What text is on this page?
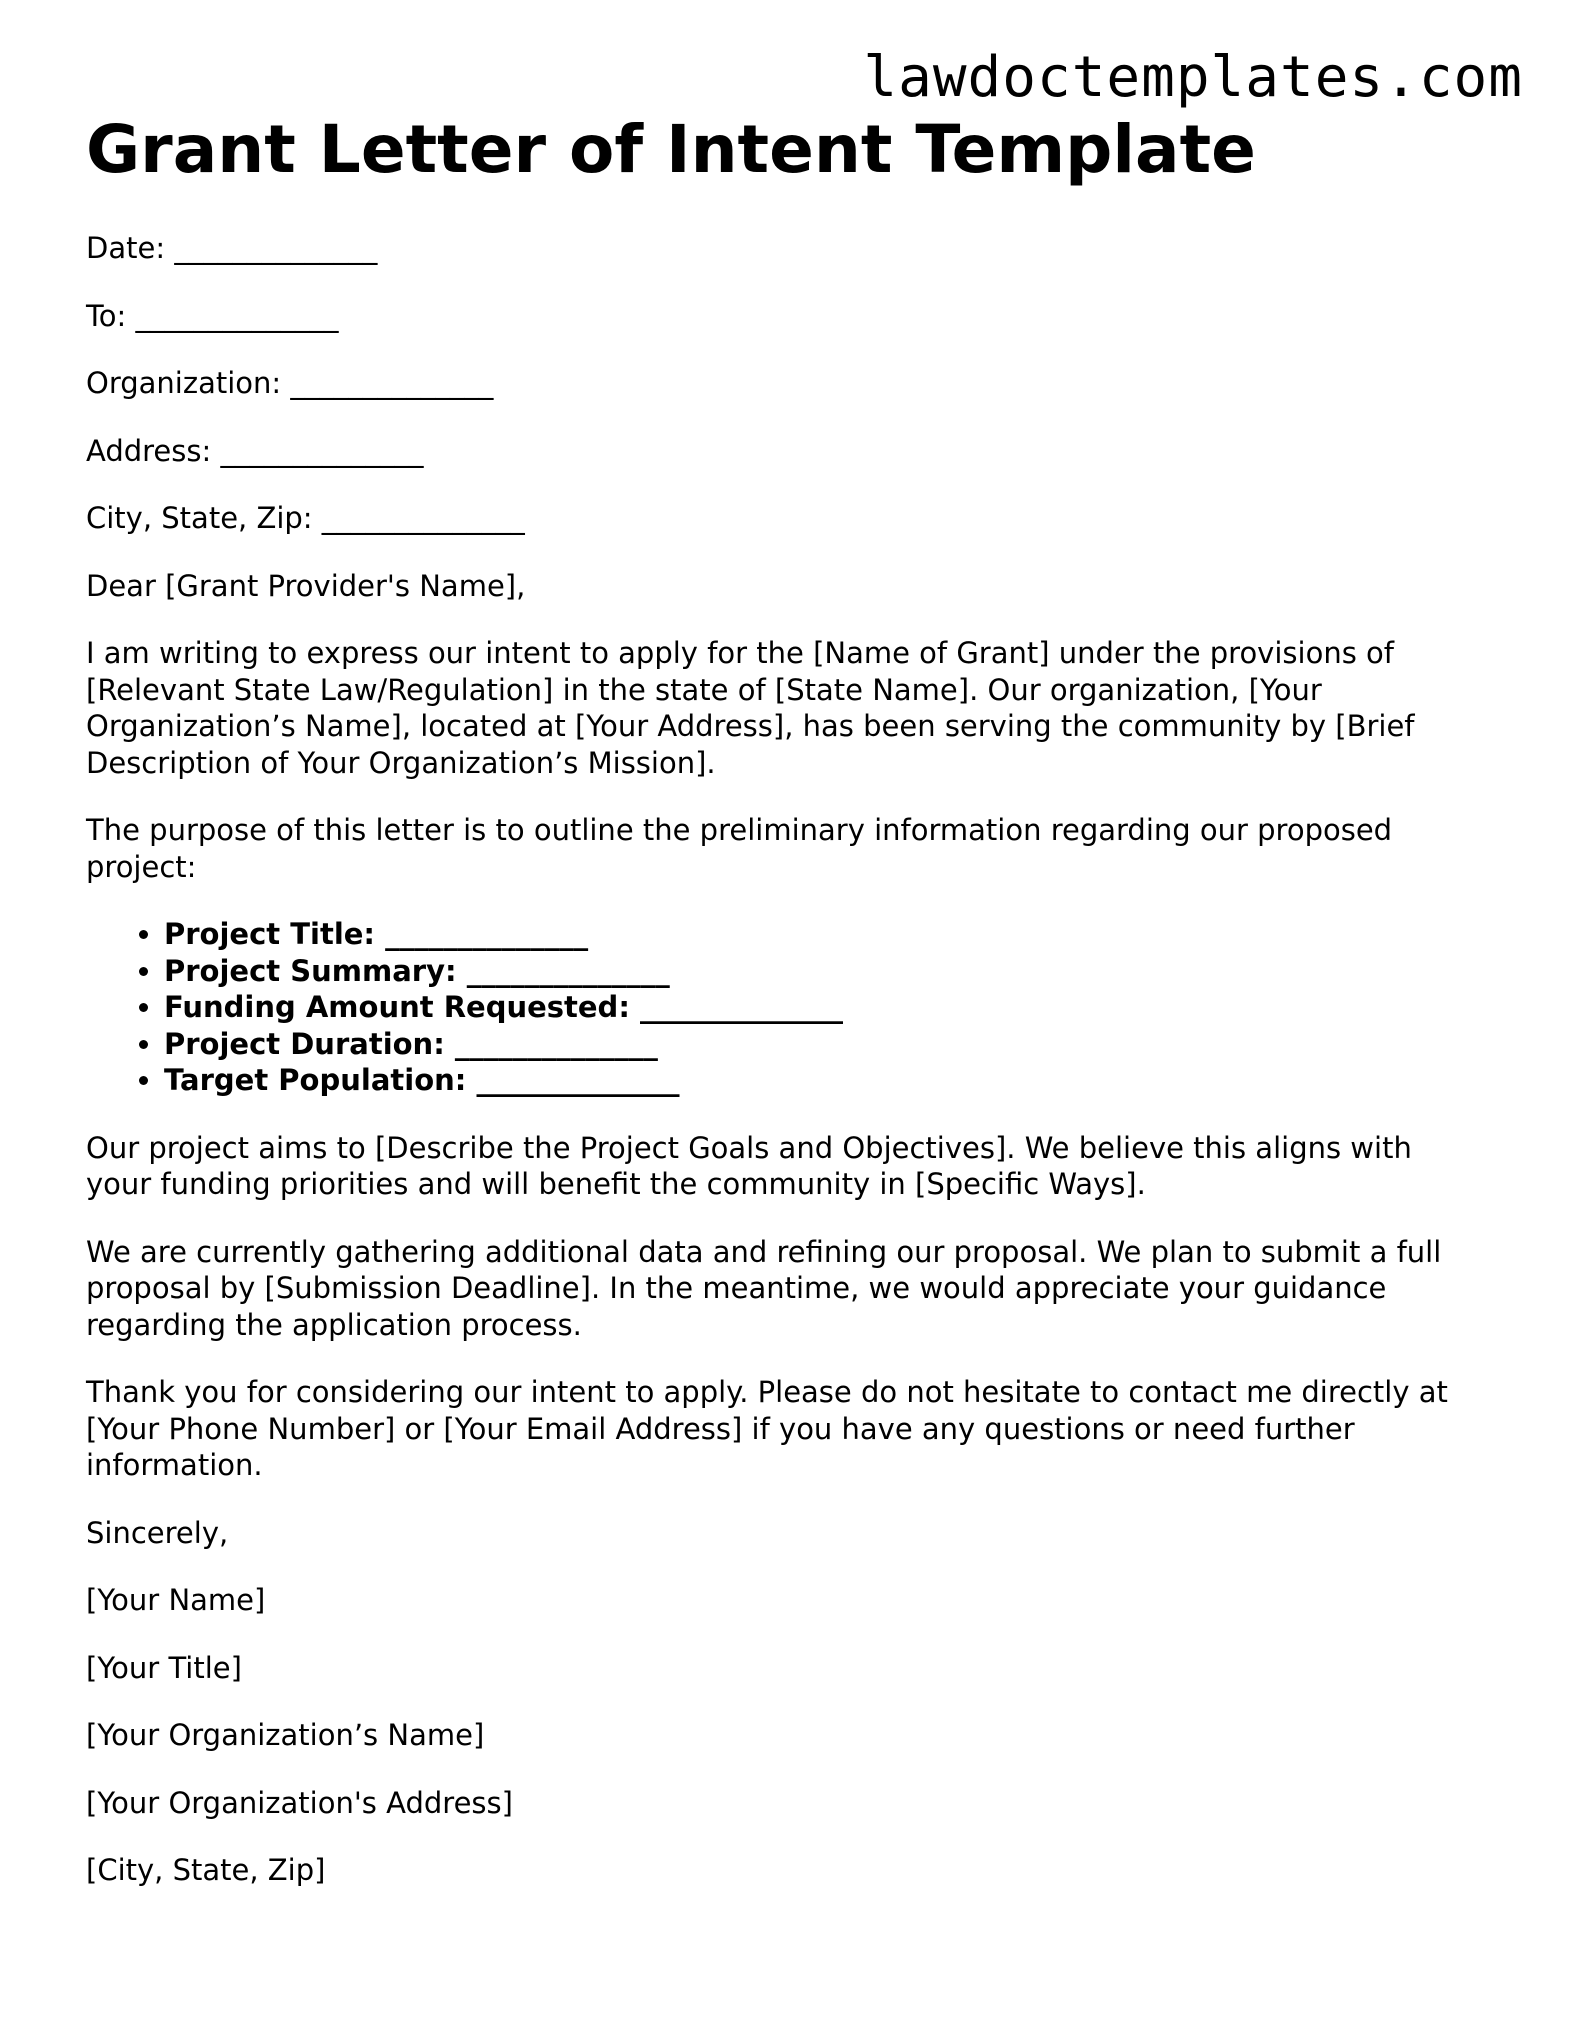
lawdoctemplates.com
Grant Letter of Intent Template
Date: ______________
To: ______________
Organization: ______________
Address: ______________
City, State, Zip: ______________

Dear [Grant Provider's Name],

I am writing to express our intent to apply for the [Name of Grant] under the provisions of [Relevant State Law/Regulation] in the state of [State Name]. Our organization, [Your Organization’s Name], located at [Your Address], has been serving the community by [Brief Description of Your Organization’s Mission].

The purpose of this letter is to outline the preliminary information regarding our proposed project:

• Project Title: ______________
• Project Summary: ______________
• Funding Amount Requested: ______________
• Project Duration: ______________
• Target Population: ______________

Our project aims to [Describe the Project Goals and Objectives]. We believe this aligns with your funding priorities and will benefit the community in [Specific Ways].

We are currently gathering additional data and refining our proposal. We plan to submit a full proposal by [Submission Deadline]. In the meantime, we would appreciate your guidance regarding the application process.

Thank you for considering our intent to apply. Please do not hesitate to contact me directly at [Your Phone Number] or [Your Email Address] if you have any questions or need further information.

Sincerely,
[Your Name]
[Your Title]
[Your Organization’s Name]
[Your Organization's Address]
[City, State, Zip]
